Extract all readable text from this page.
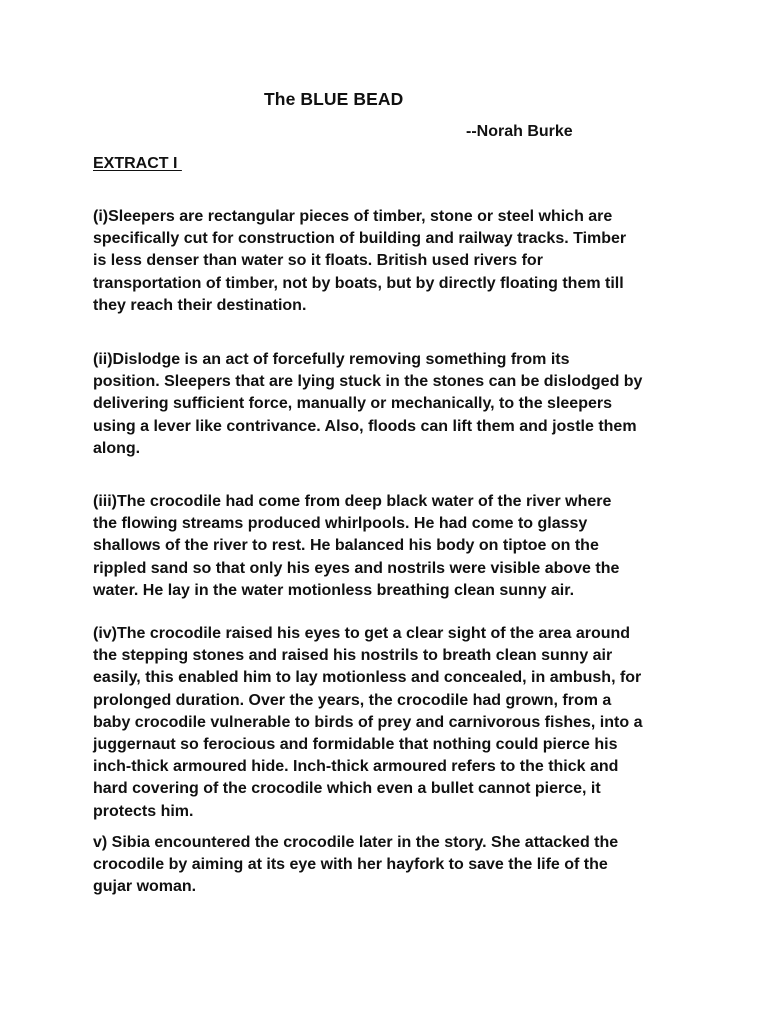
The BLUE BEAD
--Norah Burke
EXTRACT I

(i)Sleepers are rectangular pieces of timber, stone or steel which are
specifically cut for construction of building and railway tracks. Timber
is less denser than water so it floats. British used rivers for
transportation of timber, not by boats, but by directly floating them till
they reach their destination.

(ii)Dislodge is an act of forcefully removing something from its
position. Sleepers that are lying stuck in the stones can be dislodged by
delivering sufficient force, manually or mechanically, to the sleepers
using a lever like contrivance. Also, floods can lift them and jostle them
along.

(iii)The crocodile had come from deep black water of the river where
the flowing streams produced whirlpools. He had come to glassy
shallows of the river to rest. He balanced his body on tiptoe on the
rippled sand so that only his eyes and nostrils were visible above the
water. He lay in the water motionless breathing clean sunny air.

(iv)The crocodile raised his eyes to get a clear sight of the area around
the stepping stones and raised his nostrils to breath clean sunny air
easily, this enabled him to lay motionless and concealed, in ambush, for
prolonged duration. Over the years, the crocodile had grown, from a
baby crocodile vulnerable to birds of prey and carnivorous fishes, into a
juggernaut so ferocious and formidable that nothing could pierce his
inch-thick armoured hide. Inch-thick armoured refers to the thick and
hard covering of the crocodile which even a bullet cannot pierce, it
protects him.

v) Sibia encountered the crocodile later in the story. She attacked the
crocodile by aiming at its eye with her hayfork to save the life of the
gujar woman.
